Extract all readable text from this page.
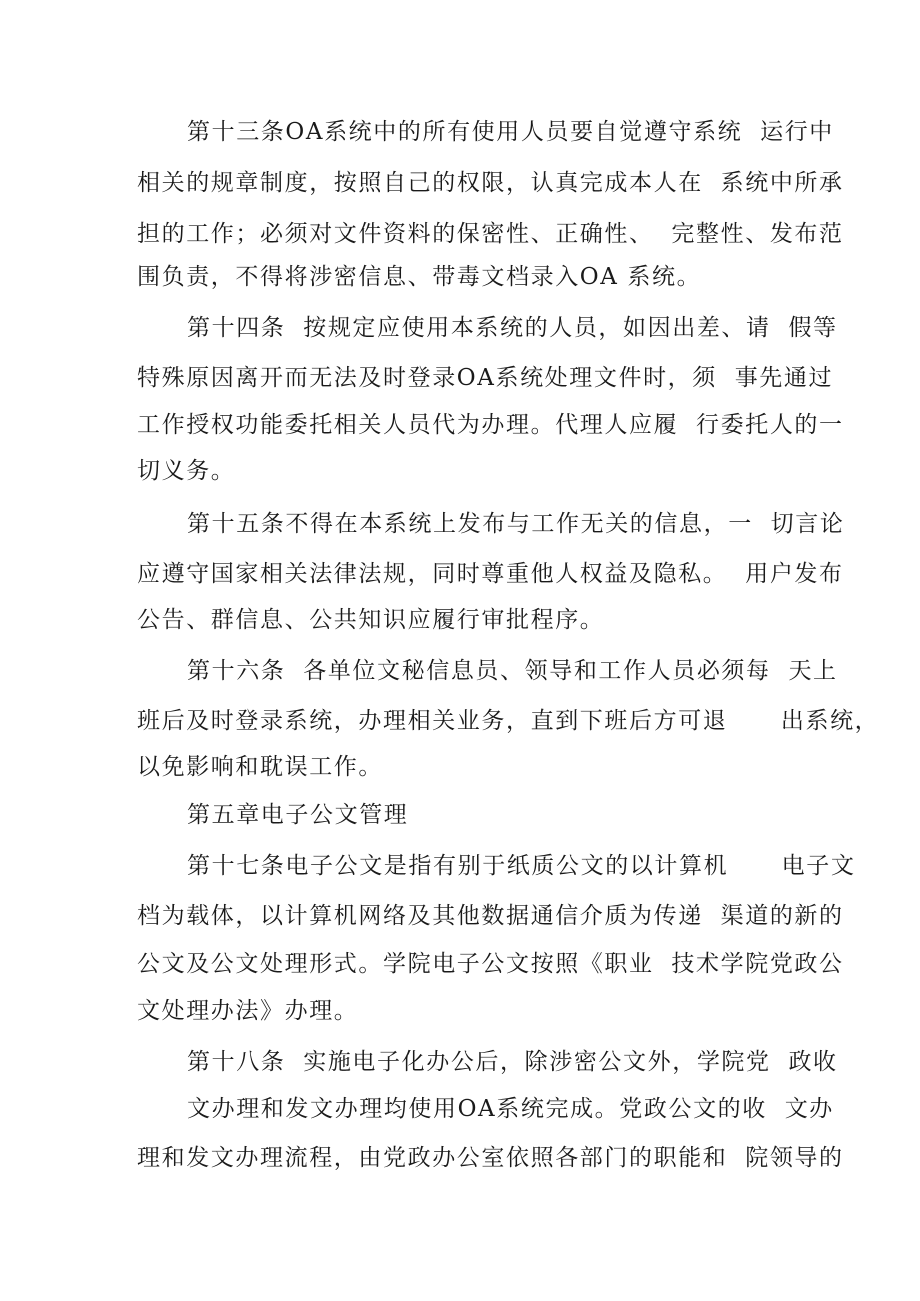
第十三条OA系统中的所有使用人员要自觉遵守系统  运行中

相关的规章制度，按照自己的权限，认真完成本人在  系统中所承

担的工作；必须对文件资料的保密性、正确性、  完整性、发布范

围负责，不得将涉密信息、带毒文档录入OA 系统。

第十四条  按规定应使用本系统的人员，如因出差、请  假等

特殊原因离开而无法及时登录OA系统处理文件时，须  事先通过

工作授权功能委托相关人员代为办理。代理人应履  行委托人的一

切义务。

第十五条不得在本系统上发布与工作无关的信息，一  切言论

应遵守国家相关法律法规，同时尊重他人权益及隐私。  用户发布

公告、群信息、公共知识应履行审批程序。

第十六条  各单位文秘信息员、领导和工作人员必须每  天上

班后及时登录系统，办理相关业务，直到下班后方可退      出系统，

以免影响和耽误工作。

第五章电子公文管理

第十七条电子公文是指有别于纸质公文的以计算机      电子文

档为载体，以计算机网络及其他数据通信介质为传递  渠道的新的

公文及公文处理形式。学院电子公文按照《职业  技术学院党政公

文处理办法》办理。

第十八条  实施电子化办公后，除涉密公文外，学院党  政收

文办理和发文办理均使用OA系统完成。党政公文的收  文办

理和发文办理流程，由党政办公室依照各部门的职能和  院领导的
